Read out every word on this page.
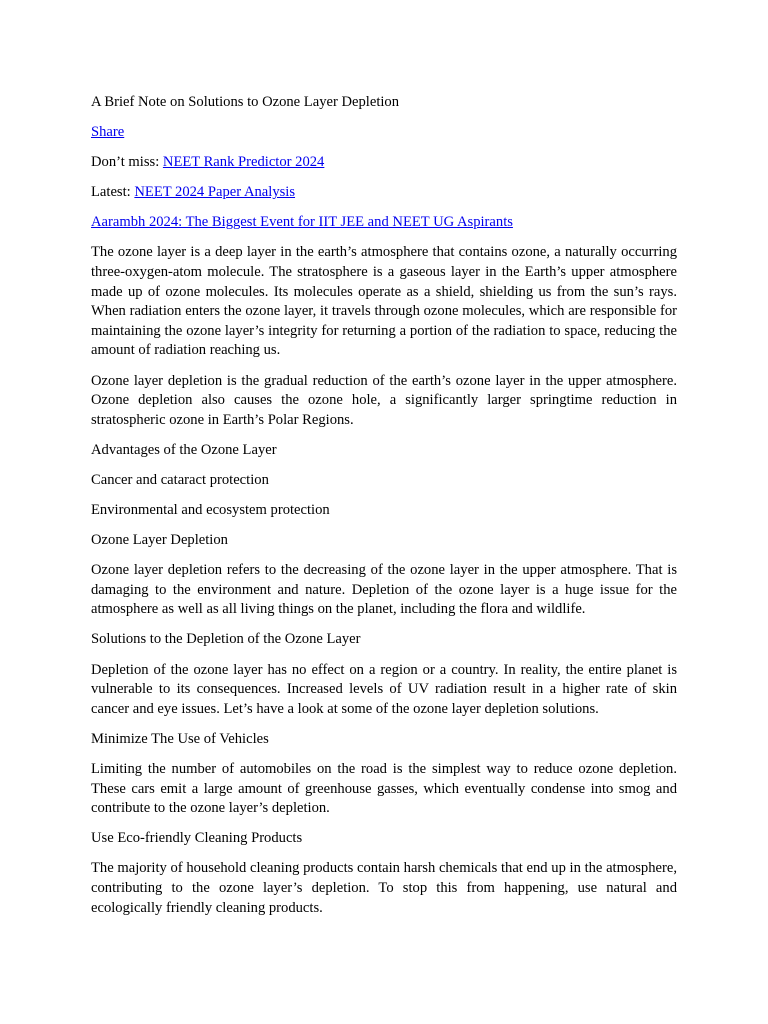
A Brief Note on Solutions to Ozone Layer Depletion

Share

Don’t miss: NEET Rank Predictor 2024

Latest: NEET 2024 Paper Analysis

Aarambh 2024: The Biggest Event for IIT JEE and NEET UG Aspirants

The ozone layer is a deep layer in the earth’s atmosphere that contains ozone, a naturally occurring three-oxygen-atom molecule. The stratosphere is a gaseous layer in the Earth’s upper atmosphere made up of ozone molecules. Its molecules operate as a shield, shielding us from the sun’s rays. When radiation enters the ozone layer, it travels through ozone molecules, which are responsible for maintaining the ozone layer’s integrity for returning a portion of the radiation to space, reducing the amount of radiation reaching us.

Ozone layer depletion is the gradual reduction of the earth’s ozone layer in the upper atmosphere. Ozone depletion also causes the ozone hole, a significantly larger springtime reduction in stratospheric ozone in Earth’s Polar Regions.

Advantages of the Ozone Layer

Cancer and cataract protection

Environmental and ecosystem protection

Ozone Layer Depletion

Ozone layer depletion refers to the decreasing of the ozone layer in the upper atmosphere. That is damaging to the environment and nature. Depletion of the ozone layer is a huge issue for the atmosphere as well as all living things on the planet, including the flora and wildlife.

Solutions to the Depletion of the Ozone Layer

Depletion of the ozone layer has no effect on a region or a country. In reality, the entire planet is vulnerable to its consequences. Increased levels of UV radiation result in a higher rate of skin cancer and eye issues. Let’s have a look at some of the ozone layer depletion solutions.

Minimize The Use of Vehicles

Limiting the number of automobiles on the road is the simplest way to reduce ozone depletion. These cars emit a large amount of greenhouse gasses, which eventually condense into smog and contribute to the ozone layer’s depletion.

Use Eco-friendly Cleaning Products

The majority of household cleaning products contain harsh chemicals that end up in the atmosphere, contributing to the ozone layer’s depletion. To stop this from happening, use natural and ecologically friendly cleaning products.
